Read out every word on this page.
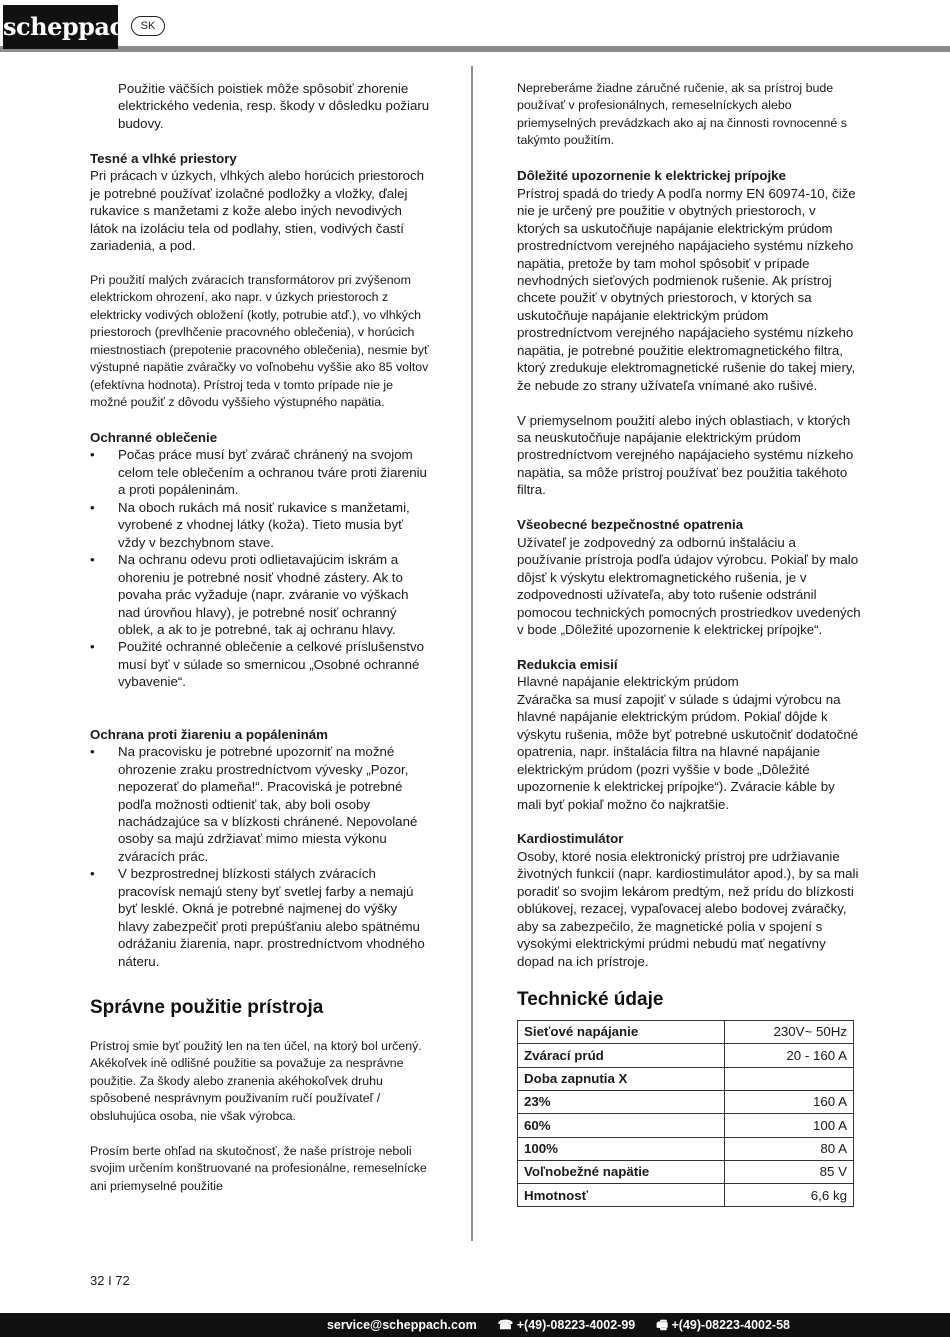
scheppach SK

Použitie väčších poistiek môže spôsobiť zhorenie elektrického vedenia, resp. škody v dôsledku požiaru budovy.

Tesné a vlhké priestory

Pri prácach v úzkych, vlhkých alebo horúcich priestoroch je potrebné používať izolačné podložky a vložky, ďalej rukavice s manžetami z kože alebo iných nevodivých látok na izoláciu tela od podlahy, stien, vodivých častí zariadenia, a pod.

Pri použití malých zváracích transformátorov pri zvýšenom elektrickom ohrození, ako napr. v úzkych priestoroch z elektricky vodivých obložení (kotly, potrubie atď.), vo vlhkých priestoroch (prevlhčenie pracovného oblečenia), v horúcich miestnostiach (prepotenie pracovného oblečenia), nesmie byť výstupné napätie zváračky vo voľnobehu vyššie ako 85 voltov (efektívna hodnota). Prístroj teda v tomto prípade nie je možné použiť z dôvodu vyššieho výstupného napätia.

Ochranné oblečenie

• Počas práce musí byť zvárač chránený na svojom celom tele oblečením a ochranou tváre proti žiareniu a proti popáleninám.
• Na oboch rukách má nosiť rukavice s manžetami, vyrobené z vhodnej látky (koža). Tieto musia byť vždy v bezchybnom stave.
• Na ochranu odevu proti odlietavajúcim iskrám a ohoreniu je potrebné nosiť vhodné zástery. Ak to povaha prác vyžaduje (napr. zváranie vo výškach nad úrovňou hlavy), je potrebné nosiť ochranný oblek, a ak to je potrebné, tak aj ochranu hlavy.
• Použité ochranné oblečenie a celkové príslušenstvo musí byť v súlade so smernicou „Osobné ochranné vybavenie“.

Ochrana proti žiareniu a popáleninám

• Na pracovisku je potrebné upozorniť na možné ohrozenie zraku prostredníctvom vývesky „Pozor, nepozerať do plameňa!“. Pracoviská je potrebné podľa možnosti odtieniť tak, aby boli osoby nachádzajúce sa v blízkosti chránené. Nepovolané osoby sa majú zdržiavať mimo miesta výkonu zváracích prác.
• V bezprostrednej blízkosti stálych zváracích pracovísk nemajú steny byť svetlej farby a nemajú byť lesklé. Okná je potrebné najmenej do výšky hlavy zabezpečiť proti prepúšťaniu alebo spätnému odrážaniu žiarenia, napr. prostredníctvom vhodného náteru.
Správne použitie prístroja

Prístroj smie byť použitý len na ten účel, na ktorý bol určený. Akékoľvek iné odlišné použitie sa považuje za nesprávne použitie. Za škody alebo zranenia akéhokoľvek druhu spôsobené nesprávnym použivaním ručí používateľ / obsluhujúca osoba, nie však výrobca.

Prosím berte ohľad na skutočnosť, že naše prístroje neboli svojim určením konštruované na profesionálne, remeselnícke ani priemyselné použitie

Nepreberáme žiadne záručné ručenie, ak sa prístroj bude používať v profesionálnych, remeselníckych alebo priemyselných prevádzkach ako aj na činnosti rovnocenné s takýmto použitím.

Dôležité upozornenie k elektrickej prípojke

Prístroj spadá do triedy A podľa normy EN 60974-10, čiže nie je určený pre použitie v obytných priestoroch, v ktorých sa uskutočňuje napájanie elektrickým prúdom prostredníctvom verejného napájacieho systému nízkeho napätia, pretože by tam mohol spôsobiť v prípade nevhodných sieťových podmienok rušenie. Ak prístroj chcete použiť v obytných priestoroch, v ktorých sa uskutočňuje napájanie elektrickým prúdom prostredníctvom verejného napájacieho systému nízkeho napätia, je potrebné použitie elektromagnetického filtra, ktorý zredukuje elektromagnetické rušenie do takej miery, že nebude zo strany užívateľa vnímané ako rušivé.

V priemyselnom použití alebo iných oblastiach, v ktorých sa neuskutočňuje napájanie elektrickým prúdom prostredníctvom verejného napájacieho systému nízkeho napätia, sa môže prístroj používať bez použitia takéhoto filtra.

Všeobecné bezpečnostné opatrenia

Užívateľ je zodpovedný za odbornú inštaláciu a používanie prístroja podľa údajov výrobcu. Pokiaľ by malo dôjsť k výskytu elektromagnetického rušenia, je v zodpovednosti užívateľa, aby toto rušenie odstránil pomocou technických pomocných prostriedkov uvedených v bode „Dôležité upozornenie k elektrickej prípojke“.

Redukcia emisií

Hlavné napájanie elektrickým prúdom

Zváračka sa musí zapojiť v súlade s údajmi výrobcu na hlavné napájanie elektrickým prúdom. Pokiaľ dôjde k výskytu rušenia, môže byť potrebné uskutočniť dodatočné opatrenia, napr. inštalácia filtra na hlavné napájanie elektrickým prúdom (pozri vyššie v bode „Dôležité upozornenie k elektrickej prípojke“). Zváracie káble by mali byť pokiaľ možno čo najkratšie.

Kardiostimulátor

Osoby, ktoré nosia elektronický prístroj pre udržiavanie životných funkcií (napr. kardiostimulátor apod.), by sa mali poradiť so svojim lekárom predtým, než prídu do blízkosti oblúkovej, rezacej, vypaľovacej alebo bodovej zváračky, aby sa zabezpečilo, že magnetické polia v spojení s vysokými elektrickými prúdmi nebudú mať negatívny dopad na ich prístroje.

Technické údaje
Sieťové napájanie	230V~ 50Hz
Zvárací prúd	20 - 160 A
Doba zapnutia X	
23%	160 A
60%	100 A
100%	80 A
Voľnobežné napätie	85 V
Hmotnosť	6,6 kg
32 I 72
service@scheppach.com ☎ +(49)-08223-4002-99 🖷 +(49)-08223-4002-58
